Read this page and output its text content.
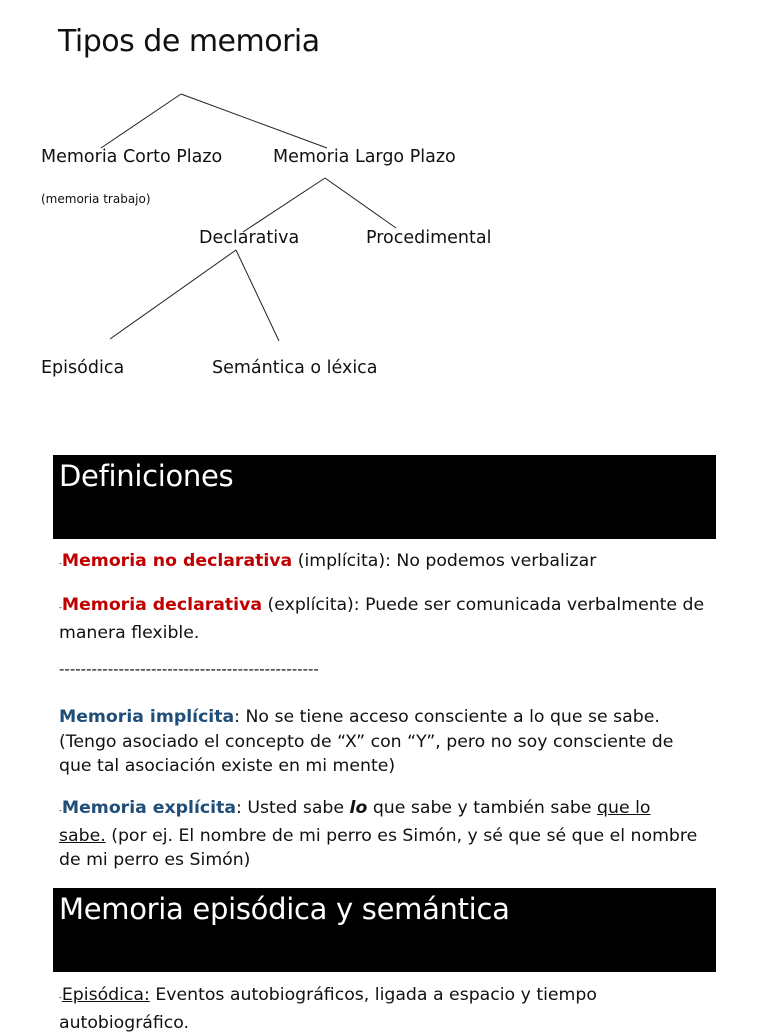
Tipos de memoria
Memoria Corto Plazo
(memoria trabajo)
Memoria Largo Plazo
Declarativa	Procedimental
Episódica	Semántica o léxica
Definiciones
-Memoria no declarativa (implícita): No podemos verbalizar
-Memoria declarativa (explícita): Puede ser comunicada verbalmente de manera flexible.
------------------------------------------------
Memoria implícita: No se tiene acceso consciente a lo que se sabe. (Tengo asociado el concepto de “X” con “Y”, pero no soy consciente de que tal asociación existe en mi mente)
-Memoria explícita: Usted sabe lo que sabe y también sabe que lo sabe. (por ej. El nombre de mi perro es Simón, y sé que sé que el nombre de mi perro es Simón)
Memoria episódica y semántica
-Episódica: Eventos autobiográficos, ligada a espacio y tiempo autobiográfico.
